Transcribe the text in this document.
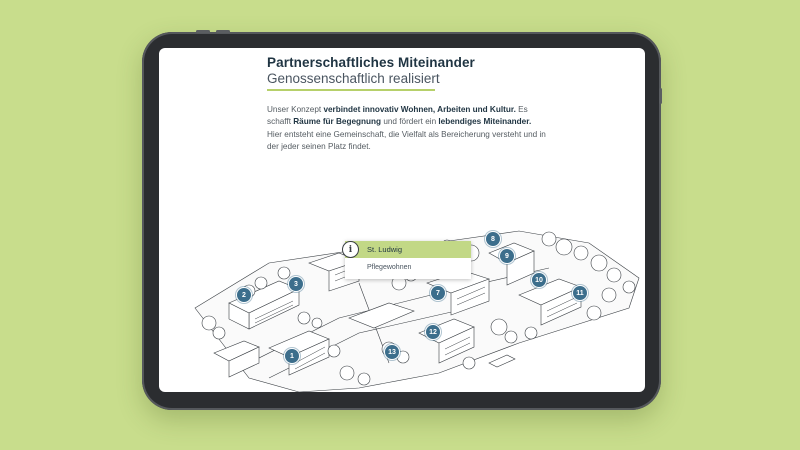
Partnerschaftliches Miteinander
Genossenschaftlich realisiert

Unser Konzept verbindet innovativ Wohnen, Arbeiten und Kultur. Es schafft Räume für Begegnung und fördert ein lebendiges Miteinander. Hier entsteht eine Gemeinschaft, die Vielfalt als Bereicherung versteht und in der jeder seinen Platz findet.

1
2
3
7
8
9
10
11
12
13
St. Ludwig
Pflegewohnen
i
